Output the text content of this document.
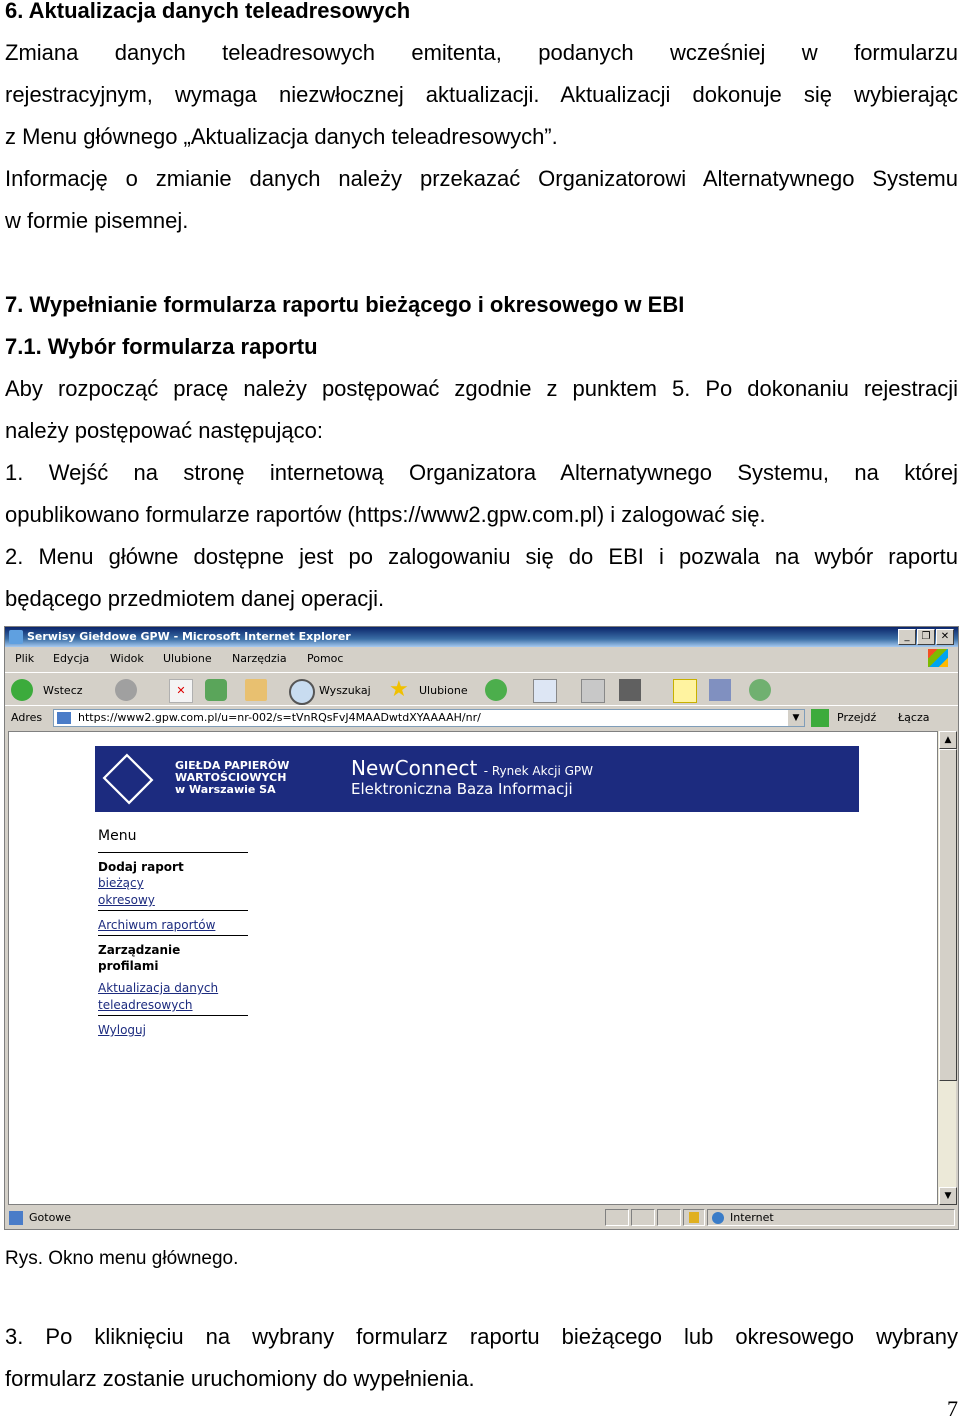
6. Aktualizacja danych teleadresowych
Zmiana danych teleadresowych emitenta, podanych wcześniej w formularzu
rejestracyjnym, wymaga niezwłocznej aktualizacji. Aktualizacji dokonuje się wybierając
z Menu głównego „Aktualizacja danych teleadresowych”.
Informację o zmianie danych należy przekazać Organizatorowi Alternatywnego Systemu
w formie pisemnej.
7. Wypełnianie formularza raportu bieżącego i okresowego w EBI
7.1. Wybór formularza raportu
Aby rozpocząć pracę należy postępować zgodnie z punktem 5. Po dokonaniu rejestracji
należy postępować następująco:
1. Wejść na stronę internetową Organizatora Alternatywnego Systemu, na której
opublikowano formularze raportów (https://www2.gpw.com.pl) i zalogować się.
2. Menu główne dostępne jest po zalogowaniu się do EBI i pozwala na wybór raportu
będącego przedmiotem danej operacji.
Serwisy Giełdowe GPW - Microsoft Internet Explorer	_	❐	✕
Plik Edycja Widok Ulubione Narzędzia Pomoc
Wstecz	✕	Wyszukaj ★ Ulubione
Adres	https://www2.gpw.com.pl/u=nr-002/s=tVnRQsFvJ4MAADwtdXYAAAAH/nr/	▼	Przejdź Łącza
GIEŁDA PAPIERÓW
WARTOŚCIOWYCH
w Warszawie SA
NewConnect - Rynek Akcji GPW
Elektroniczna Baza Informacji
Menu
Dodaj raport
bieżący
okresowy
Archiwum raportów
Zarządzanie
profilami
Aktualizacja danych
teleadresowych
Wyloguj
▲
▼
Gotowe	Internet
Rys. Okno menu głównego.
3. Po kliknięciu na wybrany formularz raportu bieżącego lub okresowego wybrany
formularz zostanie uruchomiony do wypełnienia.
7
